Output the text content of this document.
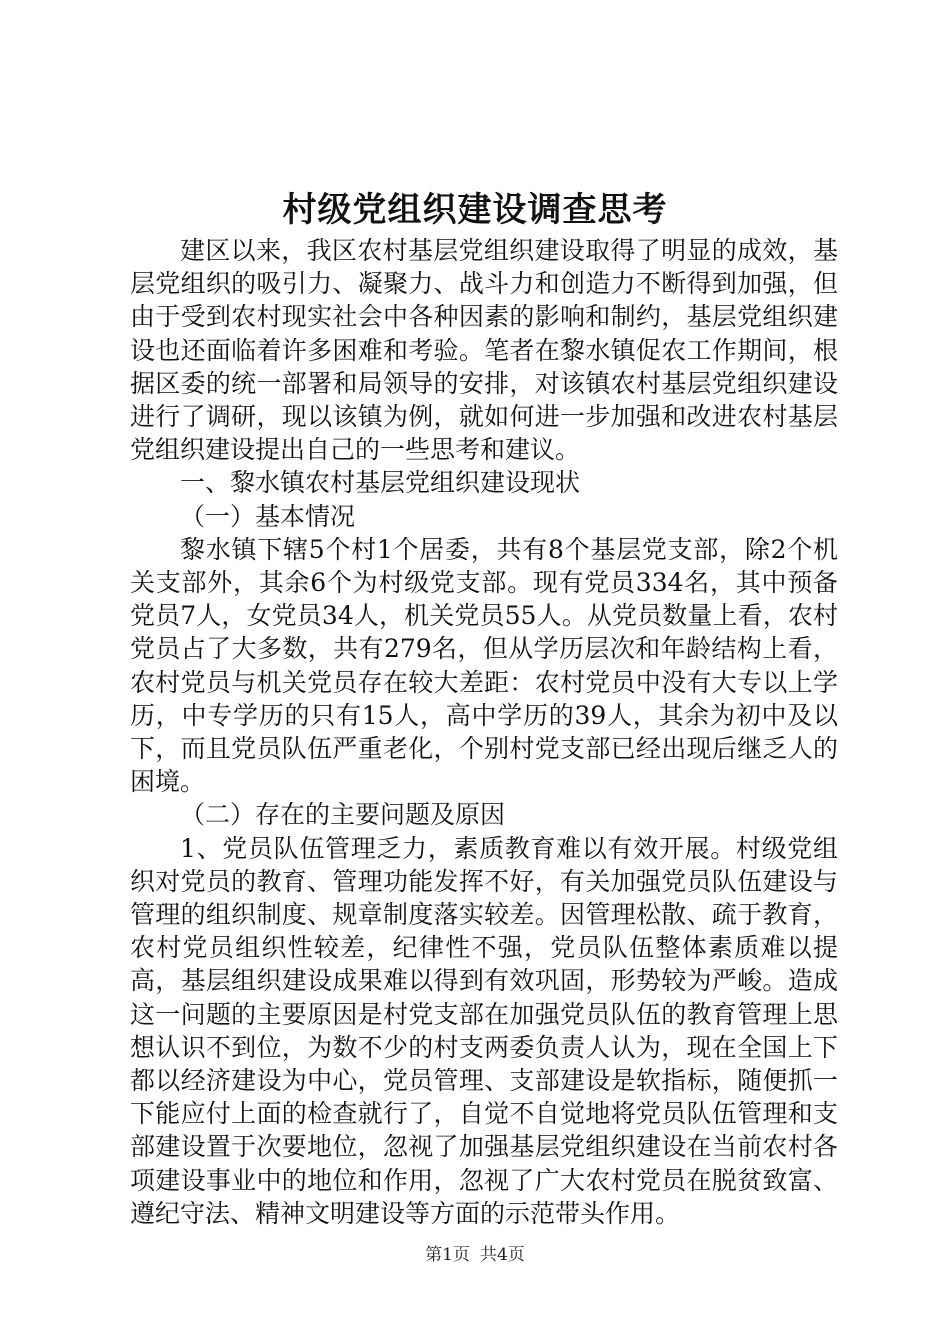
村级党组织建设调查思考

建区以来，我区农村基层党组织建设取得了明显的成效，基层党组织的吸引力、凝聚力、战斗力和创造力不断得到加强，但由于受到农村现实社会中各种因素的影响和制约，基层党组织建设也还面临着许多困难和考验。笔者在黎水镇促农工作期间，根据区委的统一部署和局领导的安排，对该镇农村基层党组织建设进行了调研，现以该镇为例，就如何进一步加强和改进农村基层党组织建设提出自己的一些思考和建议。

一、黎水镇农村基层党组织建设现状

（一）基本情况

黎水镇下辖5个村1个居委，共有8个基层党支部，除2个机关支部外，其余6个为村级党支部。现有党员334名，其中预备党员7人，女党员34人，机关党员55人。从党员数量上看，农村党员占了大多数，共有279名，但从学历层次和年龄结构上看，农村党员与机关党员存在较大差距：农村党员中没有大专以上学历，中专学历的只有15人，高中学历的39人，其余为初中及以下，而且党员队伍严重老化，个别村党支部已经出现后继乏人的困境。

（二）存在的主要问题及原因

1、党员队伍管理乏力，素质教育难以有效开展。村级党组织对党员的教育、管理功能发挥不好，有关加强党员队伍建设与管理的组织制度、规章制度落实较差。因管理松散、疏于教育，农村党员组织性较差，纪律性不强，党员队伍整体素质难以提高，基层组织建设成果难以得到有效巩固，形势较为严峻。造成这一问题的主要原因是村党支部在加强党员队伍的教育管理上思想认识不到位，为数不少的村支两委负责人认为，现在全国上下都以经济建设为中心，党员管理、支部建设是软指标，随便抓一下能应付上面的检查就行了，自觉不自觉地将党员队伍管理和支部建设置于次要地位，忽视了加强基层党组织建设在当前农村各项建设事业中的地位和作用，忽视了广大农村党员在脱贫致富、遵纪守法、精神文明建设等方面的示范带头作用。

第1页 共4页
